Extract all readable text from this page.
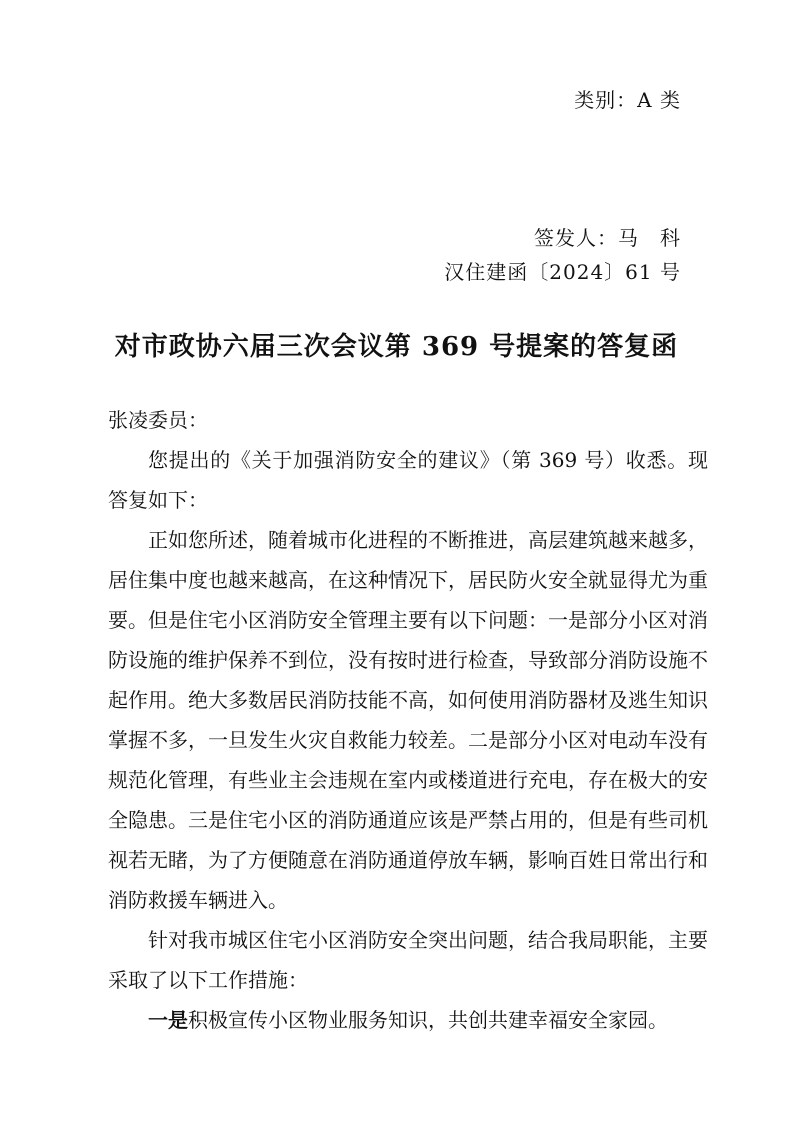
类别：A 类
签发人：马　科
汉住建函〔2024〕61 号
对市政协六届三次会议第 369 号提案的答复函

张凌委员：

您提出的《关于加强消防安全的建议》（第 369 号）收悉。现答复如下：

正如您所述，随着城市化进程的不断推进，高层建筑越来越多，居住集中度也越来越高，在这种情况下，居民防火安全就显得尤为重要。但是住宅小区消防安全管理主要有以下问题：一是部分小区对消防设施的维护保养不到位，没有按时进行检查，导致部分消防设施不起作用。绝大多数居民消防技能不高，如何使用消防器材及逃生知识掌握不多，一旦发生火灾自救能力较差。二是部分小区对电动车没有规范化管理，有些业主会违规在室内或楼道进行充电，存在极大的安全隐患。三是住宅小区的消防通道应该是严禁占用的，但是有些司机视若无睹，为了方便随意在消防通道停放车辆，影响百姓日常出行和消防救援车辆进入。

针对我市城区住宅小区消防安全突出问题，结合我局职能，主要采取了以下工作措施：

一是积极宣传小区物业服务知识，共创共建幸福安全家园。
